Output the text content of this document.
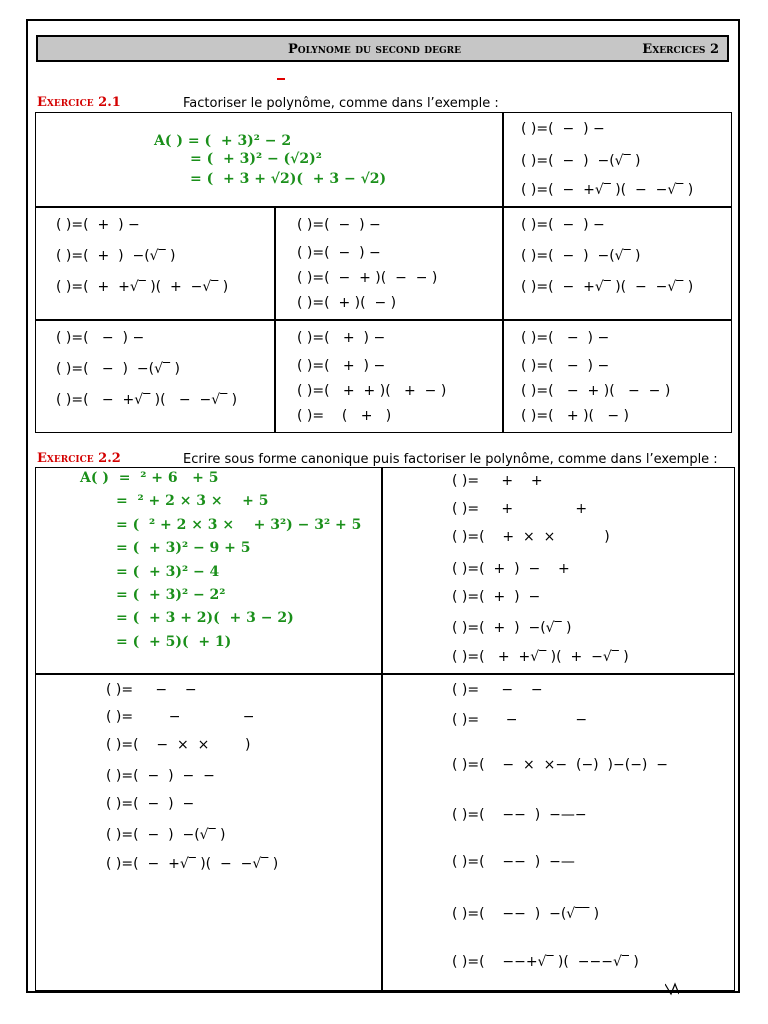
Polynome du second degre	Exercices 2
Exercice 2.1	Factoriser le polynôme, comme dans l’exemple :
A( ) = (  + 3)² − 2
= (  + 3)² − (√2)²
= (  + 3 + √2)(  + 3 − √2)
( )=(  −  ) −
( )=(  −  )  −(√‾ )
( )=(  −  +√‾ )(  −  −√‾ )
( )=(  +  ) −
( )=(  +  )  −(√‾ )
( )=(  +  +√‾ )(  +  −√‾ )
( )=(  −  ) −
( )=(  −  ) −
( )=(  −  + )(  −  − )
( )=(  + )(  − )
( )=(  −  ) −
( )=(  −  )  −(√‾ )
( )=(  −  +√‾ )(  −  −√‾ )
( )=(   −  ) −
( )=(   −  )  −(√‾ )
( )=(   −  +√‾ )(   −  −√‾ )
( )=(   +  ) −
( )=(   +  ) −
( )=(   +  + )(   +  − )
( )=    (   +   )
( )=(   −  ) −
( )=(   −  ) −
( )=(   −  + )(   −  − )
( )=(   + )(   − )
Exercice 2.2	Ecrire sous forme canonique puis factoriser le polynôme, comme dans l’exemple :
A( )  =  ² + 6   + 5
=  ² + 2 × 3 ×    + 5
= (  ² + 2 × 3 ×    + 3²) − 3² + 5
= (  + 3)² − 9 + 5
= (  + 3)² − 4
= (  + 3)² − 2²
= (  + 3 + 2)(  + 3 − 2)
= (  + 5)(  + 1)
( )=     +    +
( )=     +              +
( )=(    +  ×  ×           )
( )=(  +  )  −    +
( )=(  +  )  −
( )=(  +  )  −(√‾ )
( )=(   +  +√‾ )(  +  −√‾ )
( )=     −    −
( )=        −              −
( )=(    −  ×  ×        )
( )=(  −  )  −  −
( )=(  −  )  −
( )=(  −  )  −(√‾ )
( )=(  −  +√‾ )(  −  −√‾ )
( )=     −    −
( )=      −             −
( )=(    −  ×  ×−  (−)  )−(−)  −
( )=(    −−  )  −—−
( )=(    −−  )  −—
( )=(    −−  )  −(√‾‾ )
( )=(    −−+√‾ )(  −−−√‾ )
